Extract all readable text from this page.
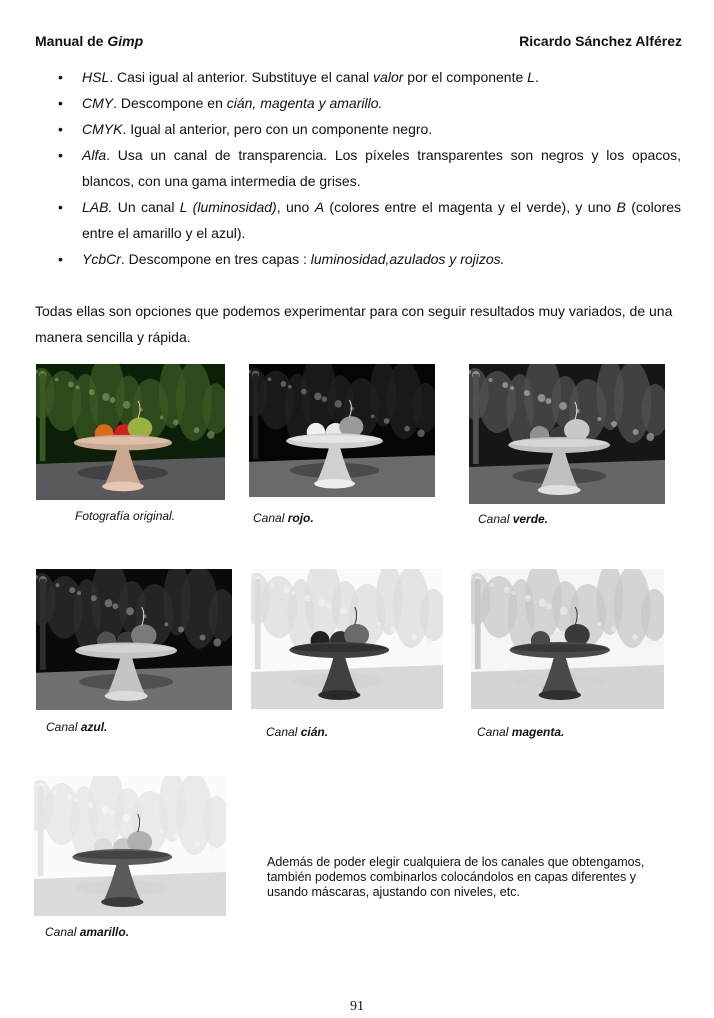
Manual de Gimp	Ricardo Sánchez Alférez
• HSL. Casi igual al anterior. Substituye el canal valor por el componente L.
• CMY. Descompone en cián, magenta y amarillo.
• CMYK. Igual al anterior, pero con un componente negro.
• Alfa. Usa un canal de transparencia. Los píxeles transparentes son negros y los opacos, blancos, con una gama intermedia de grises.
• LAB. Un canal L (luminosidad), uno A (colores entre el magenta y el verde), y uno B (colores entre el amarillo y el azul).
• YcbCr. Descompone en tres capas : luminosidad,azulados y rojizos.
Todas ellas son opciones que podemos experimentar para con seguir resultados muy variados, de una manera sencilla y rápida.
Fotografía original.	Canal rojo.	Canal verde.
Canal azul.	Canal cián.	Canal magenta.
Canal amarillo.
Además de poder elegir cualquiera de los canales que obtengamos, también podemos combinarlos colocándolos en capas diferentes y usando máscaras, ajustando con niveles, etc.
91
